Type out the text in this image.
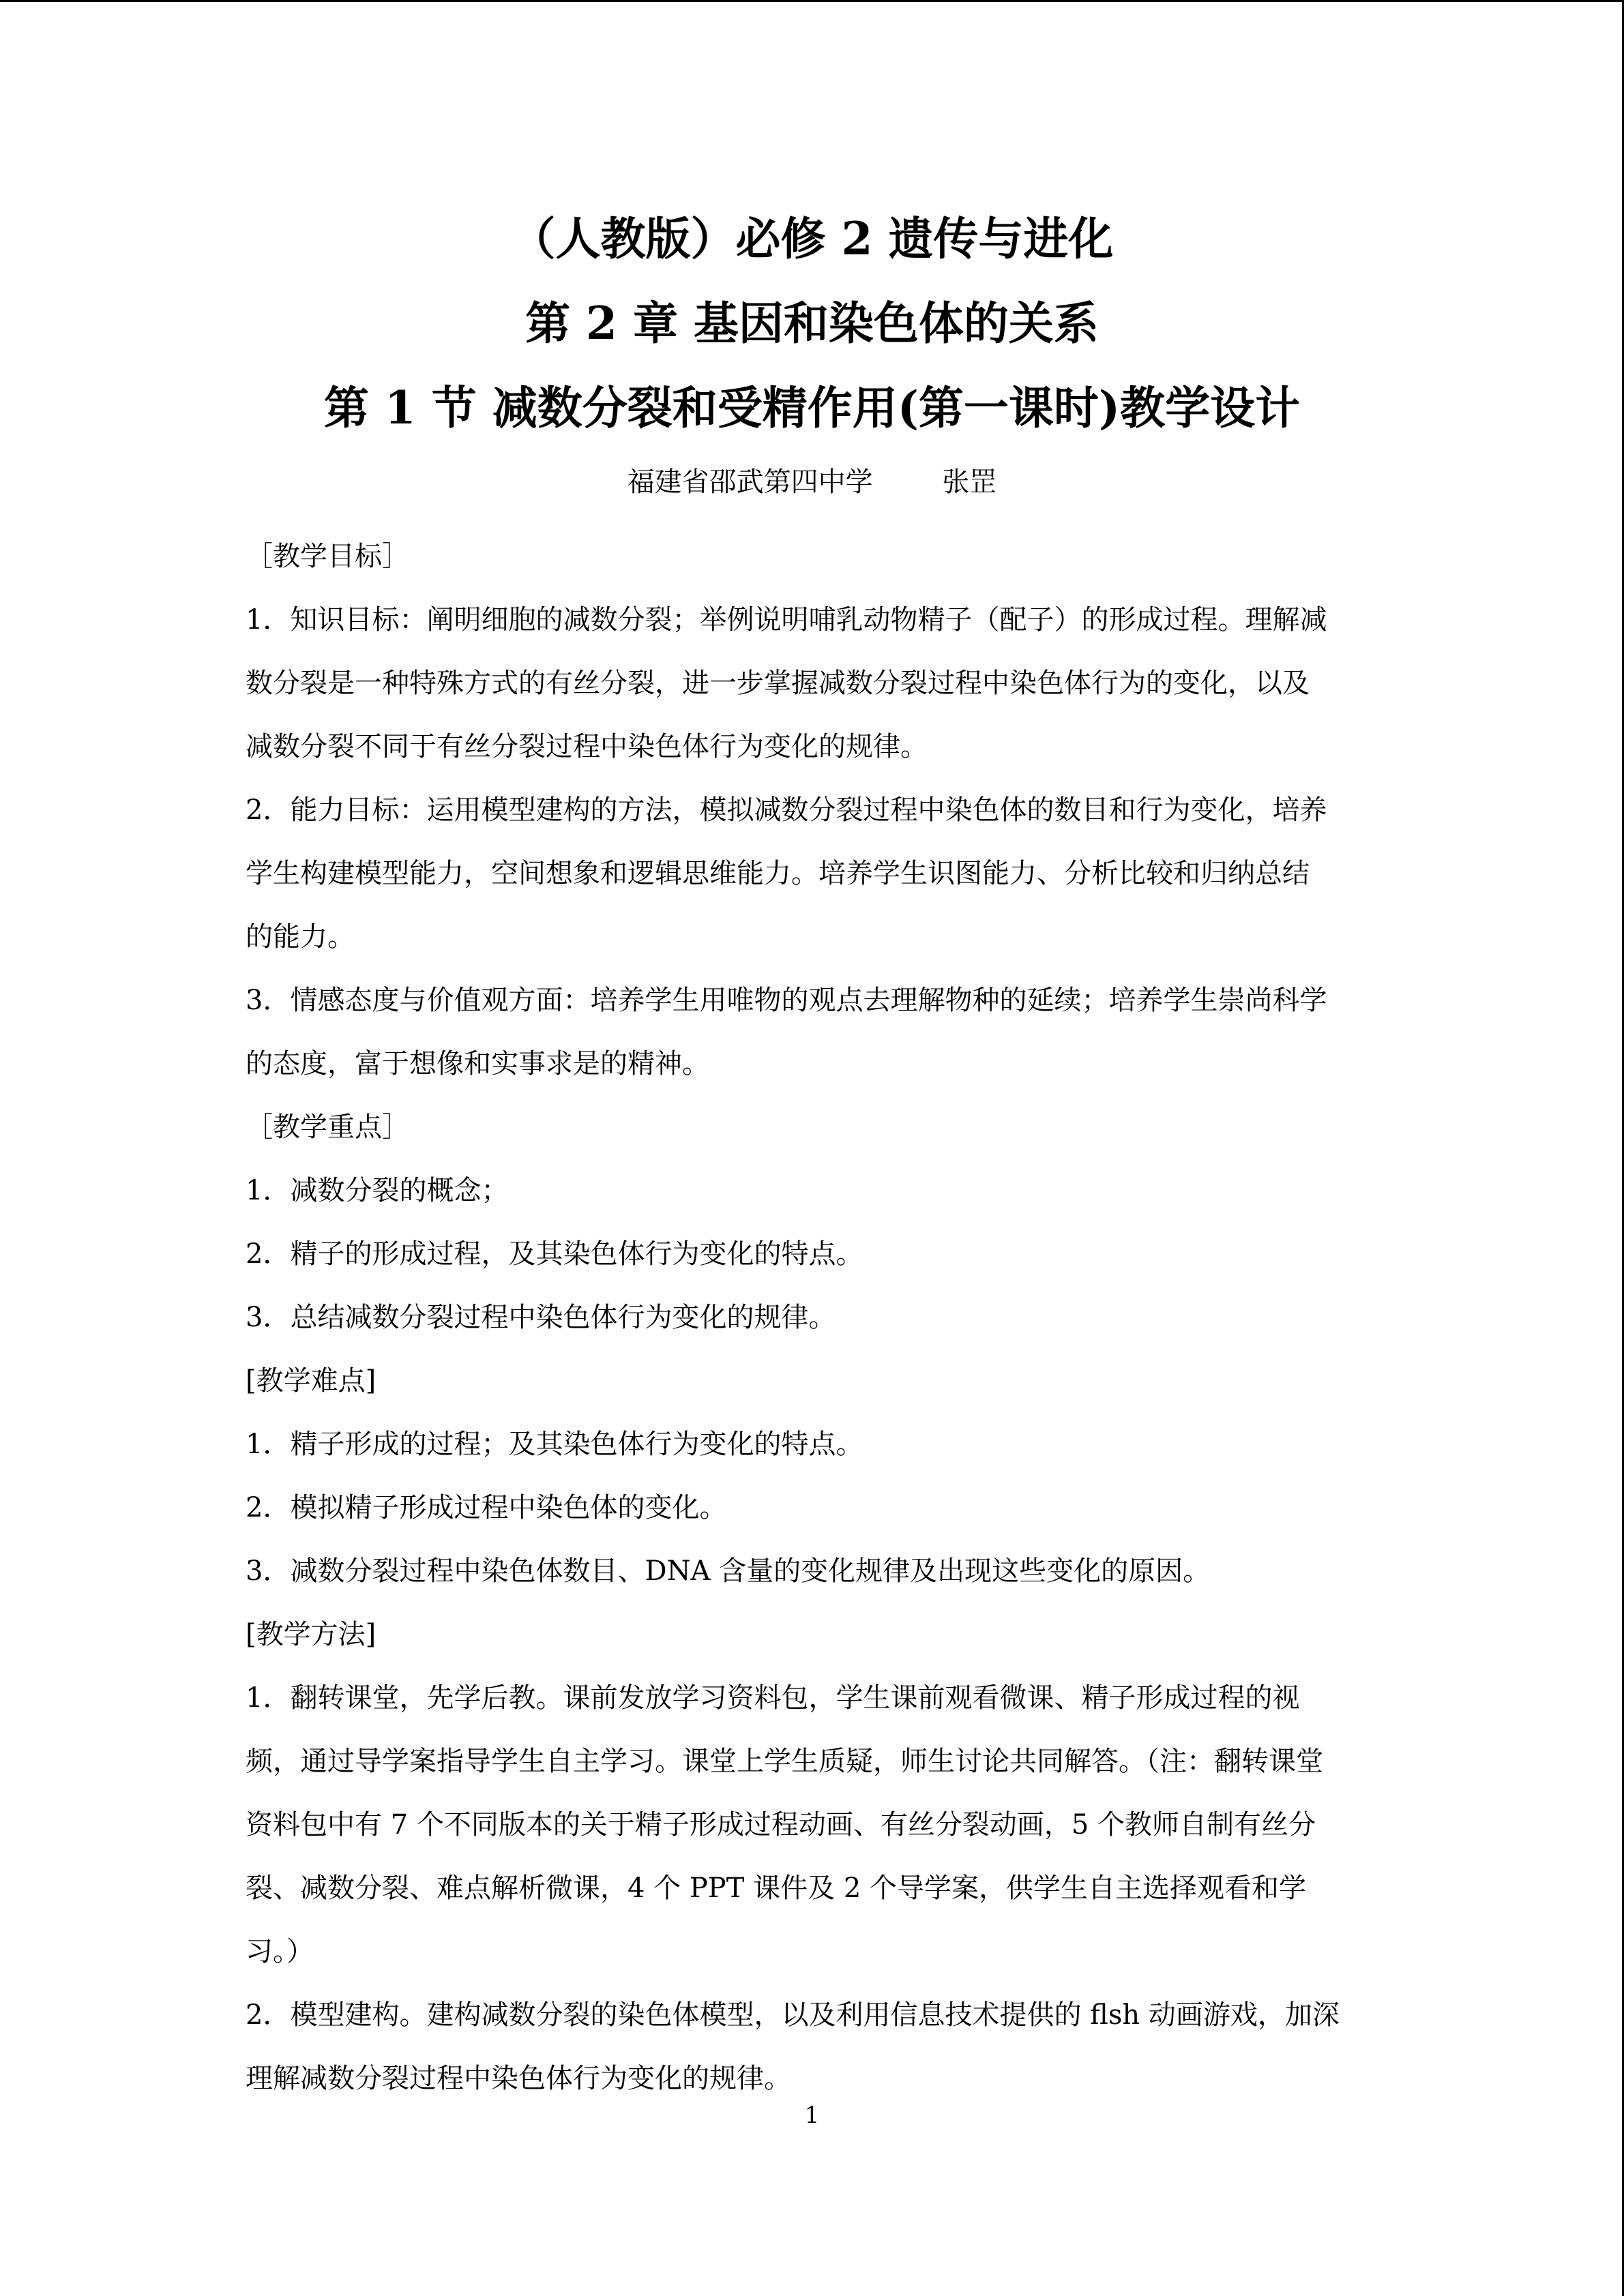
（人教版）必修 2 遗传与进化
第 2 章 基因和染色体的关系
第 1 节 减数分裂和受精作用(第一课时)教学设计
福建省邵武第四中学        张罡
［教学目标］
1．知识目标：阐明细胞的减数分裂；举例说明哺乳动物精子（配子）的形成过程。理解减
数分裂是一种特殊方式的有丝分裂，进一步掌握减数分裂过程中染色体行为的变化，以及
减数分裂不同于有丝分裂过程中染色体行为变化的规律。
2．能力目标：运用模型建构的方法，模拟减数分裂过程中染色体的数目和行为变化，培养
学生构建模型能力，空间想象和逻辑思维能力。培养学生识图能力、分析比较和归纳总结
的能力。
3．情感态度与价值观方面：培养学生用唯物的观点去理解物种的延续；培养学生崇尚科学
的态度，富于想像和实事求是的精神。
［教学重点］
1．减数分裂的概念；
2．精子的形成过程，及其染色体行为变化的特点。
3．总结减数分裂过程中染色体行为变化的规律。
[教学难点]
1．精子形成的过程；及其染色体行为变化的特点。
2．模拟精子形成过程中染色体的变化。
3．减数分裂过程中染色体数目、DNA 含量的变化规律及出现这些变化的原因。
[教学方法]
1．翻转课堂，先学后教。课前发放学习资料包，学生课前观看微课、精子形成过程的视
频，通过导学案指导学生自主学习。课堂上学生质疑，师生讨论共同解答。（注：翻转课堂
资料包中有 7 个不同版本的关于精子形成过程动画、有丝分裂动画，5 个教师自制有丝分
裂、减数分裂、难点解析微课，4 个 PPT 课件及 2 个导学案，供学生自主选择观看和学
习。）
2．模型建构。建构减数分裂的染色体模型，以及利用信息技术提供的 flsh 动画游戏，加深
理解减数分裂过程中染色体行为变化的规律。
1
